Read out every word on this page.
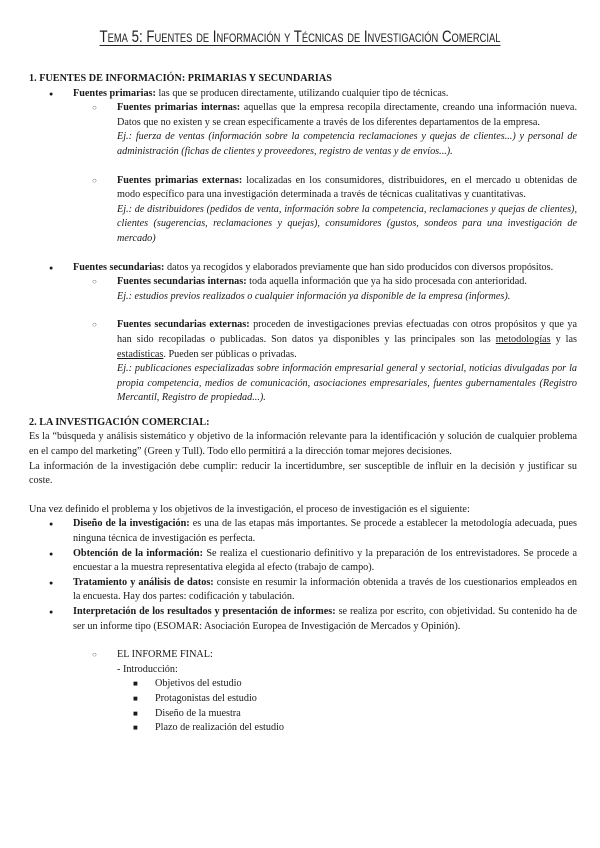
Tema 5: Fuentes de Información y Técnicas de Investigación Comercial

1. FUENTES DE INFORMACIÓN: PRIMARIAS Y SECUNDARIAS

● Fuentes primarias: las que se producen directamente, utilizando cualquier tipo de técnicas.
○ Fuentes primarias internas: aquellas que la empresa recopila directamente, creando una información nueva. Datos que no existen y se crean específicamente a través de los diferentes departamentos de la empresa.
Ej.: fuerza de ventas (información sobre la competencia reclamaciones y quejas de clientes...) y personal de administración (fichas de clientes y proveedores, registro de ventas y de envíos...).
○ Fuentes primarias externas: localizadas en los consumidores, distribuidores, en el mercado u obtenidas de modo específico para una investigación determinada a través de técnicas cualitativas y cuantitativas.
Ej.: de distribuidores (pedidos de venta, información sobre la competencia, reclamaciones y quejas de clientes), clientes (sugerencias, reclamaciones y quejas), consumidores (gustos, sondeos para una investigación de mercado)
● Fuentes secundarias: datos ya recogidos y elaborados previamente que han sido producidos con diversos propósitos.
○ Fuentes secundarias internas: toda aquella información que ya ha sido procesada con anterioridad.
Ej.: estudios previos realizados o cualquier información ya disponible de la empresa (informes).
○ Fuentes secundarias externas: proceden de investigaciones previas efectuadas con otros propósitos y que ya han sido recopiladas o publicadas. Son datos ya disponibles y las principales son las metodologías y las estadísticas. Pueden ser públicas o privadas.
Ej.: publicaciones especializadas sobre información empresarial general y sectorial, noticias divulgadas por la propia competencia, medios de comunicación, asociaciones empresariales, fuentes gubernamentales (Registro Mercantil, Registro de propiedad...).

2. LA INVESTIGACIÓN COMERCIAL:

Es la “búsqueda y análisis sistemático y objetivo de la información relevante para la identificación y solución de cualquier problema en el campo del marketing” (Green y Tull). Todo ello permitirá a la dirección tomar mejores decisiones.

La información de la investigación debe cumplir: reducir la incertidumbre, ser susceptible de influir en la decisión y justificar su coste.

Una vez definido el problema y los objetivos de la investigación, el proceso de investigación es el siguiente:

● Diseño de la investigación: es una de las etapas más importantes. Se procede a establecer la metodología adecuada, pues ninguna técnica de investigación es perfecta.
● Obtención de la información: Se realiza el cuestionario definitivo y la preparación de los entrevistadores. Se procede a encuestar a la muestra representativa elegida al efecto (trabajo de campo).
● Tratamiento y análisis de datos: consiste en resumir la información obtenida a través de los cuestionarios empleados en la encuesta. Hay dos partes: codificación y tabulación.
● Interpretación de los resultados y presentación de informes: se realiza por escrito, con objetividad. Su contenido ha de ser un informe tipo (ESOMAR: Asociación Europea de Investigación de Mercados y Opinión).
○ EL INFORME FINAL:
- Introducción:
■ Objetivos del estudio
■ Protagonistas del estudio
■ Diseño de la muestra
■ Plazo de realización del estudio
